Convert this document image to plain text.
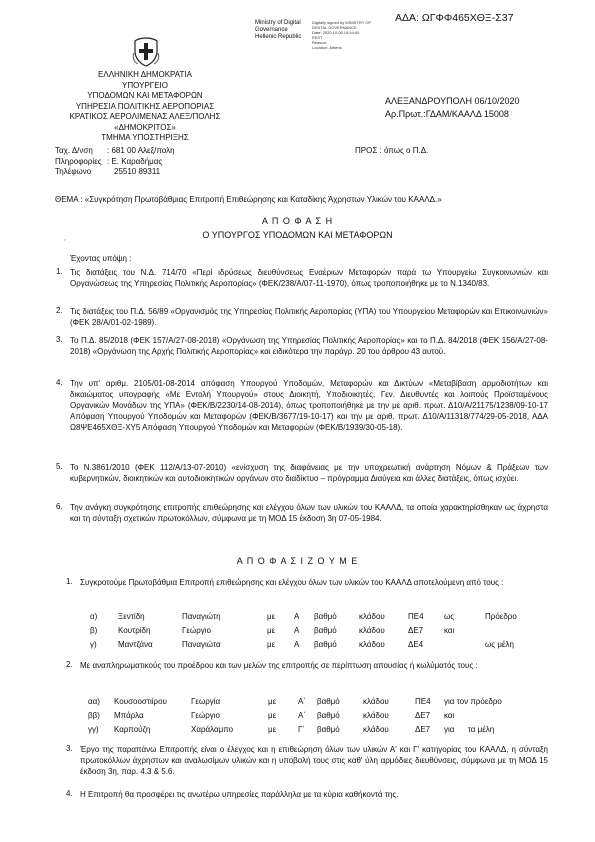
ΑΔΑ: ΩΓΦΦ465ΧΘΞ-Σ37
Ministry of Digital
Governance
Hellenic Republic
Digitally signed by MINISTRY OF
DIGITAL GOVERNANCE
Date: 2020.10.06 15:54:40
EEST
Reason:
Location: Athens
ΕΛΛΗΝΙΚΗ ΔΗΜΟΚΡΑΤΙΑ
ΥΠΟΥΡΓΕΙΟ
ΥΠΟΔΟΜΩΝ ΚΑΙ ΜΕΤΑΦΟΡΩΝ
ΥΠΗΡΕΣΙΑ ΠΟΛΙΤΙΚΗΣ ΑΕΡΟΠΟΡΙΑΣ
ΚΡΑΤΙΚΟΣ ΑΕΡΟΛΙΜΕΝΑΣ ΑΛΕΞ/ΠΟΛΗΣ
«ΔΗΜΟΚΡΙΤΟΣ»
ΤΜΗΜΑ ΥΠΟΣΤΗΡΙΞΗΣ
ΑΛΕΞΑΝΔΡΟΥΠΟΛΗ 06/10/2020
Αρ.Πρωτ.:ΓΔΑΜ/ΚΑΑΛΔ 15008
Ταχ. Δ/νση	: 681 00 Αλεξ/πολη
Πληροφορίες : Ε. Καραδήμας
Τηλέφωνο	25510 89311
ΠΡΟΣ : όπως ο Π.Δ.
ΘΕΜΑ : «Συγκρότηση Πρωτοβάθμιας Επιτροπή Επιθεώρησης και Καταδίκης Άχρηστων Υλικών του ΚΑΑΛΔ.»
Α Π Ο Φ Α Σ Η
Ο ΥΠΟΥΡΓΟΣ ΥΠΟΔΟΜΩΝ ΚΑΙ ΜΕΤΑΦΟΡΩΝ
´
Έχοντας υπόψη :
1. Τις διατάξεις του Ν.Δ. 714/70 «Περί ιδρύσεως διευθύνσεως Εναέριων Μεταφορών παρά τω Υπουργείω Συγκοινωνιών και Οργανώσεως της Υπηρεσίας Πολιτικής Αεροπορίας» (ΦΕΚ/238/Α/07-11-1970), όπως τροποποιήθηκε με το Ν.1340/83.
2. Τις διατάξεις του Π.Δ. 56/89 «Οργανισμός της Υπηρεσίας Πολιτικής Αεροπορίας (ΥΠΑ) του Υπουργείου Μεταφορών και Επικοινωνιών» (ΦΕΚ 28/Α/01-02-1989).
3. Το Π.Δ. 85/2018 (ΦΕΚ 157/Α/27-08-2018) «Οργάνωση της Υπηρεσίας Πολιτικής Αεροπορίας» και το Π.Δ. 84/2018 (ΦΕΚ 156/Α/27-08-2018) «Οργάνωση της Αρχής Πολιτικής Αεροπορίας» και ειδικότερα την παράγρ. 20 του άρθρου 43 αυτού.
4. Την υπ' αριθμ. 2105/01-08-2014 απόφαση Υπουργού Υποδομών, Μεταφορών και Δικτύων «Μεταβίβαση αρμοδιοτήτων και δικαιώματος υπογραφής «Με Εντολή Υπουργού» στους Διοικητή, Υποδιοικητές, Γεν. Διευθυντές και λοιπούς Προϊσταμένους Οργανικών Μονάδων της ΥΠΑ» (ΦΕΚ/Β/2230/14-08-2014), όπως τροποποιήθηκε με την με αριθ. πρωτ. Δ10/Α/21175/1238/09-10-17 Απόφαση Υπουργού Υποδομών και Μεταφορών (ΦΕΚ/Β/3677/19-10-17) και την με αριθ. πρωτ. Δ10/Α/11318/774/29-05-2018, ΑΔΑ Ω8ΨΕ465ΧΘΞ-ΧΥ5 Απόφαση Υπουργού Υποδομών και Μεταφορών (ΦΕΚ/Β/1939/30-05-18).
5. Το Ν.3861/2010 (ΦΕΚ 112/Α/13-07-2010) «ενίσχυση της διαφάνειας με την υποχρεωτική ανάρτηση Νόμων & Πράξεων των κυβερνητικών, διοικητικών και αυτοδιοικητικών οργάνων στο διαδίκτυο – πρόγραμμα Διαύγεια και άλλες διατάξεις, όπως ισχύει.
6. Την ανάγκη συγκρότησης επιτροπής επιθεώρησης και ελέγχου όλων των υλικών του ΚΑΑΛΔ, τα οποία χαρακτηρίσθηκαν ως άχρηστα και τη σύνταξη σχετικών πρωτοκόλλων, σύμφωνα με τη ΜΟΔ 15 έκδοση 3η 07-05-1984.
Α Π Ο Φ Α Σ Ι Ζ Ο Υ Μ Ε
1. Συγκροτούμε Πρωτοβάθμια Επιτροπή επιθεώρησης και ελέγχου όλων των υλικών του ΚΑΑΛΔ αποτελούμενη από τους :
α)	Ξεντίδη	Παναγιώτη	με Α βαθμό	κλάδου	ΠΕ4	ως	Πρόεδρο
β)	Κουτρίδη	Γεώργιο	με Α βαθμό	κλάδου	ΔΕ7	και
γ)	Μαντζάνα	Παναγιώτα	με Α βαθμό	κλάδου	ΔΕ4	ως μέλη
2. Με αναπληρωματικούς του προέδρου και των μελών της επιτροπής σε περίπτωση απουσίας ή κωλύματός τους :
αα) Κουσοοστιίρου	Γεωργία	με	Α΄ βαθμό	κλάδου	ΠΕ4 για τον πρόεδρο
ββ) Μπάρλα	Γεώργιο	με	Α΄ βαθμό	κλάδου	ΔΕ7 και
γγ) Καρπούζη	Χαράλαμπο	με	Γ΄ βαθμό	κλάδου	ΔΕ7 για      τα μέλη
3. Έργο της παραπάνω Επιτροπής είναι ο έλεγχος και η επιθεώρηση όλων των υλικών Α' και Γ' κατηγορίας του ΚΑΑΛΔ, η σύνταξη πρωτοκόλλων άχρηστων και αναλωσίμων υλικών και η υποβολή τους στις καθ' ύλη αρμόδιες διευθύνσεις, σύμφωνα με τη ΜΟΔ 15 έκδοση 3η, παρ. 4.3 & 5.6.
4. Η Επιτροπή θα προσφέρει τις ανωτέρω υπηρεσίες παράλληλα με τα κύρια καθήκοντά της.
